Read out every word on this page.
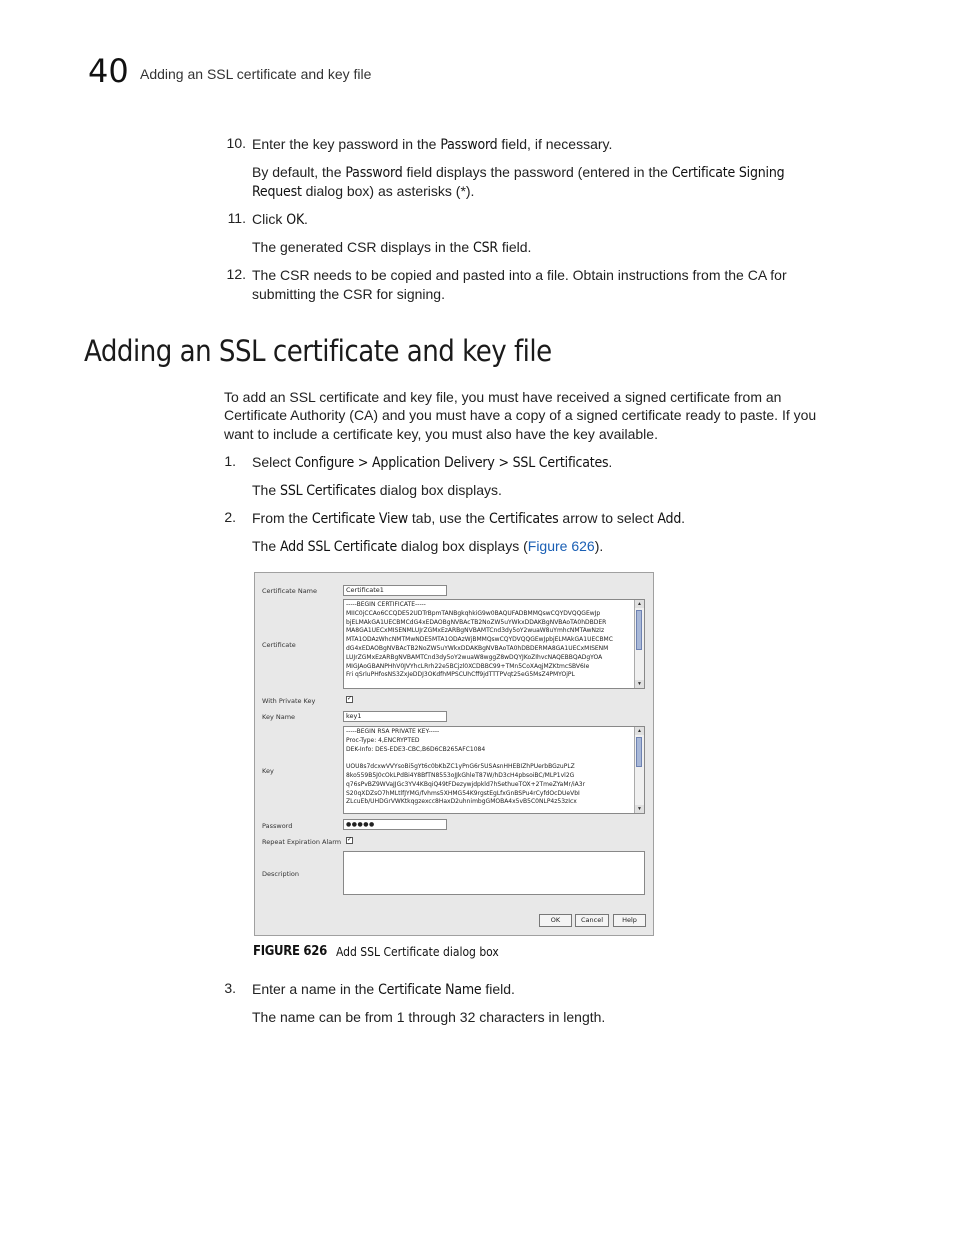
40 Adding an SSL certificate and key file
10. Enter the key password in the Password field, if necessary.
By default, the Password field displays the password (entered in the Certificate Signing
Request dialog box) as asterisks (*).
11. Click OK.
The generated CSR displays in the CSR field.
12. The CSR needs to be copied and pasted into a file. Obtain instructions from the CA for
submitting the CSR for signing.
Adding an SSL certificate and key file
To add an SSL certificate and key file, you must have received a signed certificate from an
Certificate Authority (CA) and you must have a copy of a signed certificate ready to paste. If you
want to include a certificate key, you must also have the key available.
1. Select Configure > Application Delivery > SSL Certificates.
The SSL Certificates dialog box displays.
2. From the Certificate View tab, use the Certificates arrow to select Add.
The Add SSL Certificate dialog box displays (Figure 626).
Certificate Name	Certificate1
Certificate
-----BEGIN CERTIFICATE-----
MIIC0jCCAo6CCQDE52UDTrBpmTANBgkqhkiG9w0BAQUFADBMMQswCQYDVQQGEwJp
bjELMAkGA1UECBMCdG4xEDAOBgNVBAcTB2NoZW5uYWkxDDAKBgNVBAoTA0hDBDER
MA8GA1UECxMISENMLUJrZGMxEzARBgNVBAMTCnd3dy5oY2wuaW8uYmhcNMTAwNzIz
MTA1ODAzWhcNMTMwNDE5MTA1ODAzWjBMMQswCQYDVQQGEwJpbjELMAkGA1UECBMC
dG4xEDAOBgNVBAcTB2NoZW5uYWkxDDAKBgNVBAoTA0hDBDERMA8GA1UECxMISENM
LUJrZGMxEzARBgNVBAMTCnd3dy5oY2wuaW8wggZ8wDQYJKoZIhvcNAQEBBQADgYOA
MIGJAoGBANPHhV0JVYhcLRrh22e5BCjzl0XCDBBC99+TMn5CoXAqjMZKtmcSBV6Ie
Fri qSrluPHfosNS3ZxJeDDJ3OKdfhMPSCUhCff9jdTTTPVqt25eG5MsZ4PMYOjPL
▲
▼
With Private Key	✓
Key Name	key1
Key
-----BEGIN RSA PRIVATE KEY-----
Proc-Type: 4,ENCRYPTED
DEK-Info: DES-EDE3-CBC,B6D6CB265AFC1084

UOU8s7dcxwVVYsoBi5gYt6c0bKbZC1yPnG6r5USAsnHHEBIZhPUerbBGzuPLZ
8ko559B5J0cOkLPdBi4Y8BfTN8553oJJkGhleT87W/hD3cH4pbsoiBC/MLP1vl2G
q76sPvBZ9WVaJJGc3YV4KBqiQ49tFDezywjdpkld7hSethueTOX+2TmeZYaMr/iA3r
S20qXDZsO7hMLtlfJYMG/fvhms5XHMG54K9rgstEgLfxGnBSPu4rCyfdOcDUeVbI
ZLcuEb/UHDGrVWKtkqgzexcc8HaxD2uhnimbgGMOBA4x5vB5C0NLP4z53zIcx
▲
▼
Password	●●●●●
Repeat Expiration Alarm ✓
Description
OK	Cancel	Help
FIGURE 626 Add SSL Certificate dialog box
3. Enter a name in the Certificate Name field.
The name can be from 1 through 32 characters in length.
